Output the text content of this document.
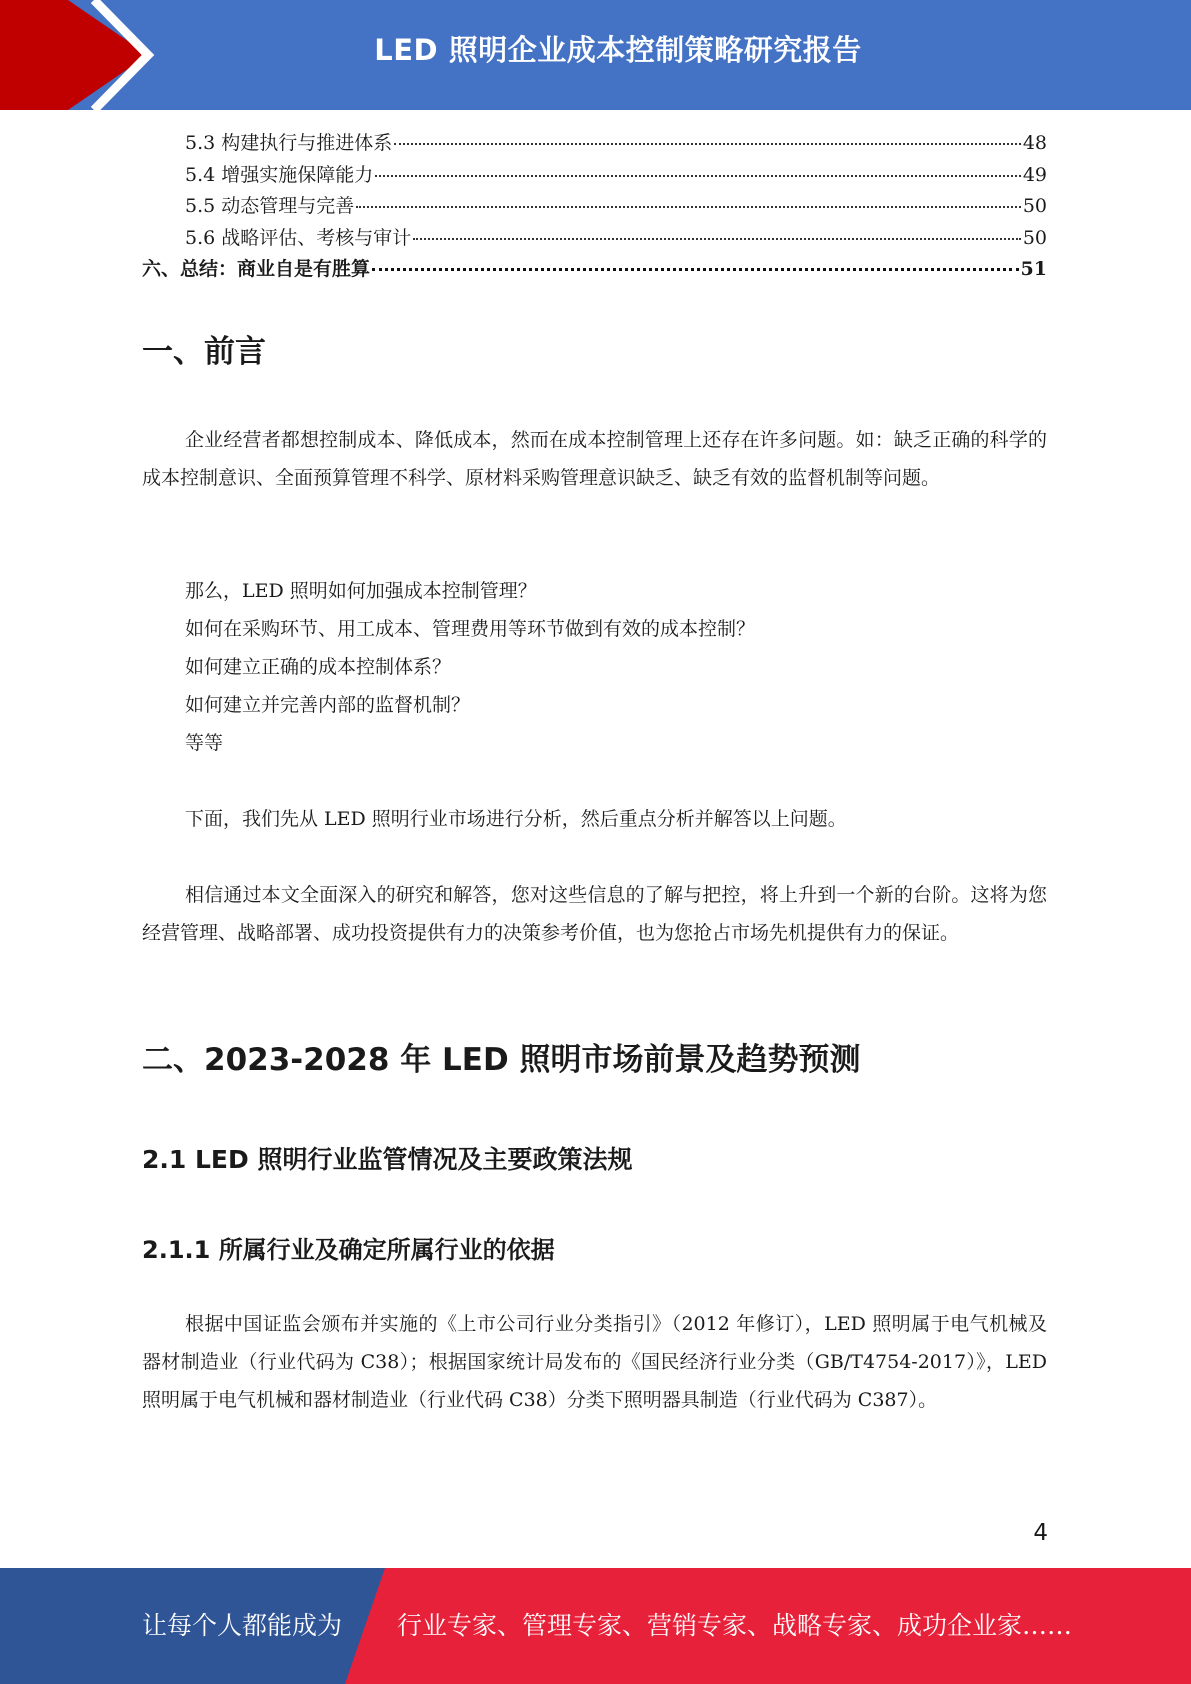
LED 照明企业成本控制策略研究报告
5.3 构建执行与推进体系	48
5.4 增强实施保障能力	49
5.5 动态管理与完善	50
5.6 战略评估、考核与审计	50
六、总结：商业自是有胜算	51
一、前言

企业经营者都想控制成本、降低成本，然而在成本控制管理上还存在许多问题。如：缺乏正确的科学的成本控制意识、全面预算管理不科学、原材料采购管理意识缺乏、缺乏有效的监督机制等问题。

那么，LED 照明如何加强成本控制管理？

如何在采购环节、用工成本、管理费用等环节做到有效的成本控制？

如何建立正确的成本控制体系？

如何建立并完善内部的监督机制？

等等

下面，我们先从 LED 照明行业市场进行分析，然后重点分析并解答以上问题。

相信通过本文全面深入的研究和解答，您对这些信息的了解与把控，将上升到一个新的台阶。这将为您经营管理、战略部署、成功投资提供有力的决策参考价值，也为您抢占市场先机提供有力的保证。

二、2023-2028 年 LED 照明市场前景及趋势预测
2.1 LED 照明行业监管情况及主要政策法规
2.1.1 所属行业及确定所属行业的依据

根据中国证监会颁布并实施的《上市公司行业分类指引》（2012 年修订），LED 照明属于电气机械及器材制造业（行业代码为 C38）；根据国家统计局发布的《国民经济行业分类（GB/T4754-2017）》，LED 照明属于电气机械和器材制造业（行业代码 C38）分类下照明器具制造（行业代码为 C387）。

4
让每个人都能成为 行业专家、管理专家、营销专家、战略专家、成功企业家……
